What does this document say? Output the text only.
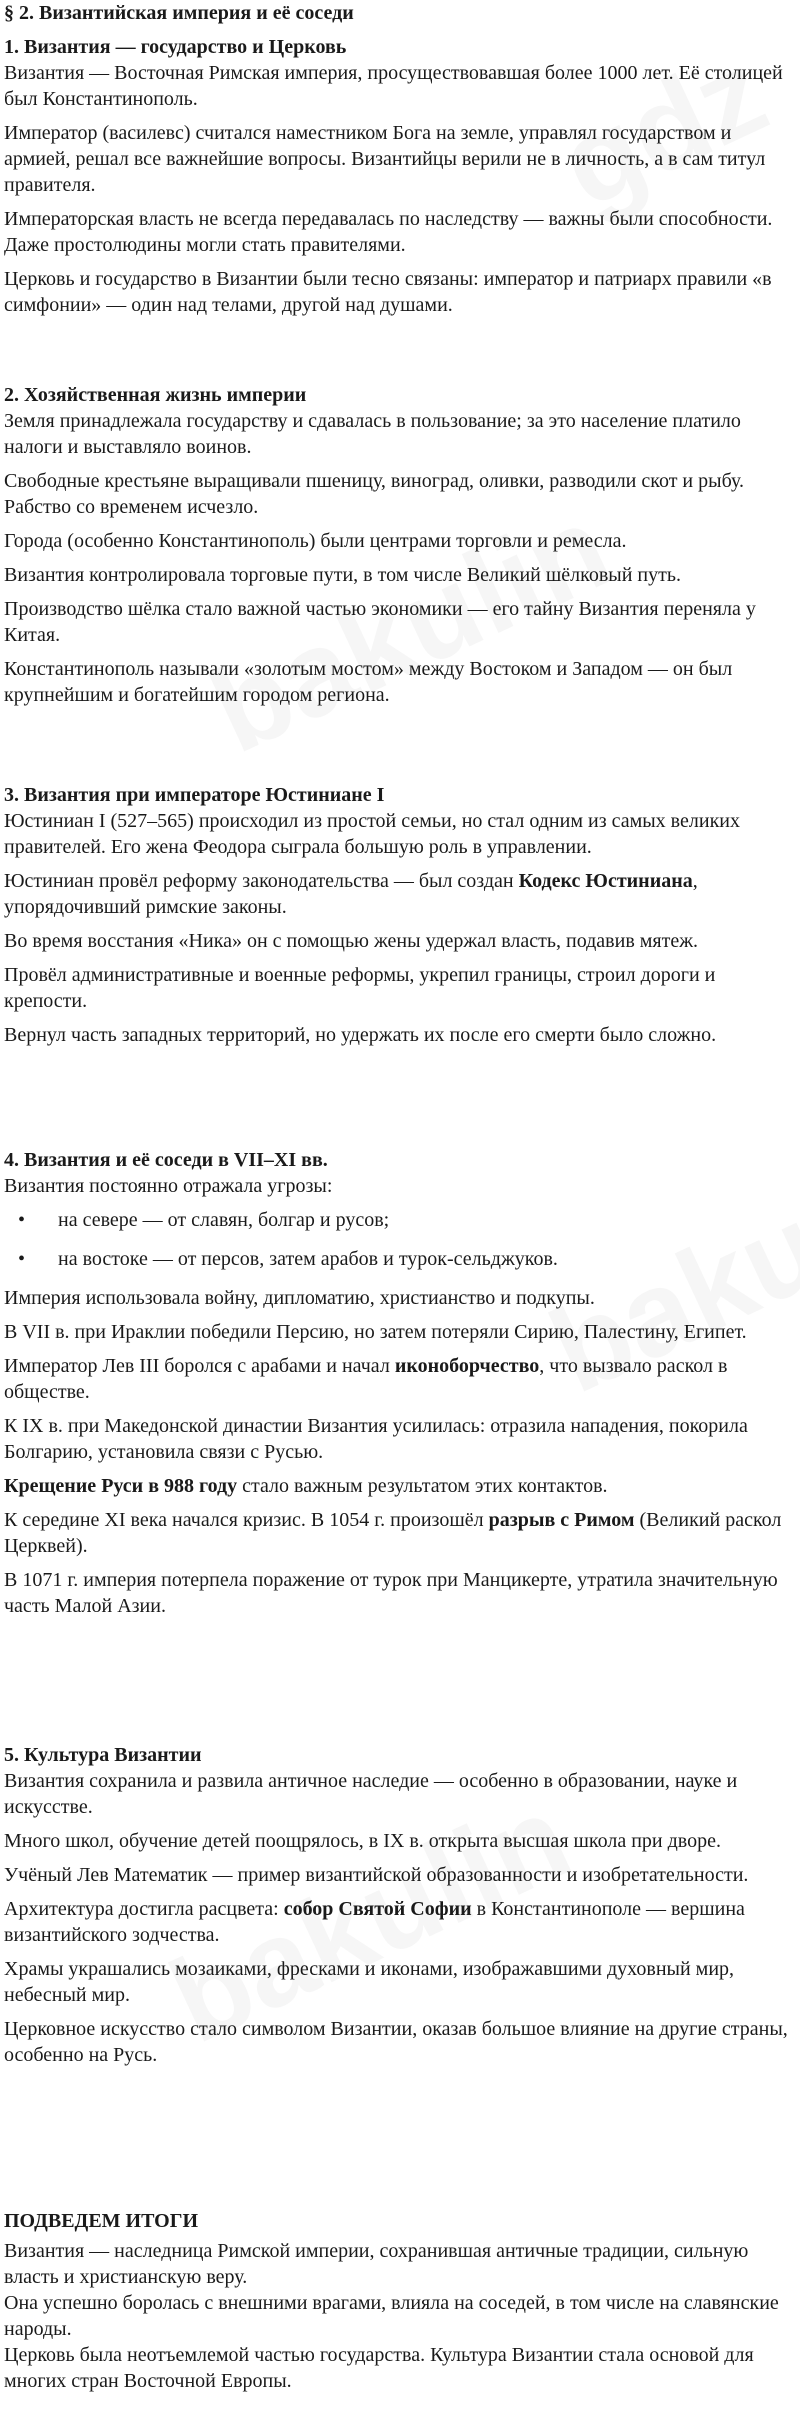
§ 2. Византийская империя и её соседи
1. Византия — государство и Церковь

Византия — Восточная Римская империя, просуществовавшая более 1000 лет. Её столицей был Константинополь.

Император (василевс) считался наместником Бога на земле, управлял государством и армией, решал все важнейшие вопросы. Византийцы верили не в личность, а в сам титул правителя.

Императорская власть не всегда передавалась по наследству — важны были способности. Даже простолюдины могли стать правителями.

Церковь и государство в Византии были тесно связаны: император и патриарх правили «в симфонии» — один над телами, другой над душами.

2. Хозяйственная жизнь империи

Земля принадлежала государству и сдавалась в пользование; за это население платило налоги и выставляло воинов.

Свободные крестьяне выращивали пшеницу, виноград, оливки, разводили скот и рыбу. Рабство со временем исчезло.

Города (особенно Константинополь) были центрами торговли и ремесла.

Византия контролировала торговые пути, в том числе Великий шёлковый путь.

Производство шёлка стало важной частью экономики — его тайну Византия переняла у Китая.

Константинополь называли «золотым мостом» между Востоком и Западом — он был крупнейшим и богатейшим городом региона.

3. Византия при императоре Юстиниане I

Юстиниан I (527–565) происходил из простой семьи, но стал одним из самых великих правителей. Его жена Феодора сыграла большую роль в управлении.

Юстиниан провёл реформу законодательства — был создан Кодекс Юстиниана, упорядочивший римские законы.

Во время восстания «Ника» он с помощью жены удержал власть, подавив мятеж.

Провёл административные и военные реформы, укрепил границы, строил дороги и крепости.

Вернул часть западных территорий, но удержать их после его смерти было сложно.

4. Византия и её соседи в VII–XI вв.

Византия постоянно отражала угрозы:

• на севере — от славян, болгар и русов;
• на востоке — от персов, затем арабов и турок-сельджуков.

Империя использовала войну, дипломатию, христианство и подкупы.

В VII в. при Ираклии победили Персию, но затем потеряли Сирию, Палестину, Египет.

Император Лев III боролся с арабами и начал иконоборчество, что вызвало раскол в обществе.

К IX в. при Македонской династии Византия усилилась: отразила нападения, покорила Болгарию, установила связи с Русью.

Крещение Руси в 988 году стало важным результатом этих контактов.

К середине XI века начался кризис. В 1054 г. произошёл разрыв с Римом (Великий раскол Церквей).

В 1071 г. империя потерпела поражение от турок при Манцикерте, утратила значительную часть Малой Азии.

5. Культура Византии

Византия сохранила и развила античное наследие — особенно в образовании, науке и искусстве.

Много школ, обучение детей поощрялось, в IX в. открыта высшая школа при дворе.

Учёный Лев Математик — пример византийской образованности и изобретательности.

Архитектура достигла расцвета: собор Святой Софии в Константинополе — вершина византийского зодчества.

Храмы украшались мозаиками, фресками и иконами, изображавшими духовный мир, небесный мир.

Церковное искусство стало символом Византии, оказав большое влияние на другие страны, особенно на Русь.

ПОДВЕДЕМ ИТОГИ

Византия — наследница Римской империи, сохранившая античные традиции, сильную власть и христианскую веру.

Она успешно боролась с внешними врагами, влияла на соседей, в том числе на славянские народы.

Церковь была неотъемлемой частью государства. Культура Византии стала основой для многих стран Восточной Европы.
